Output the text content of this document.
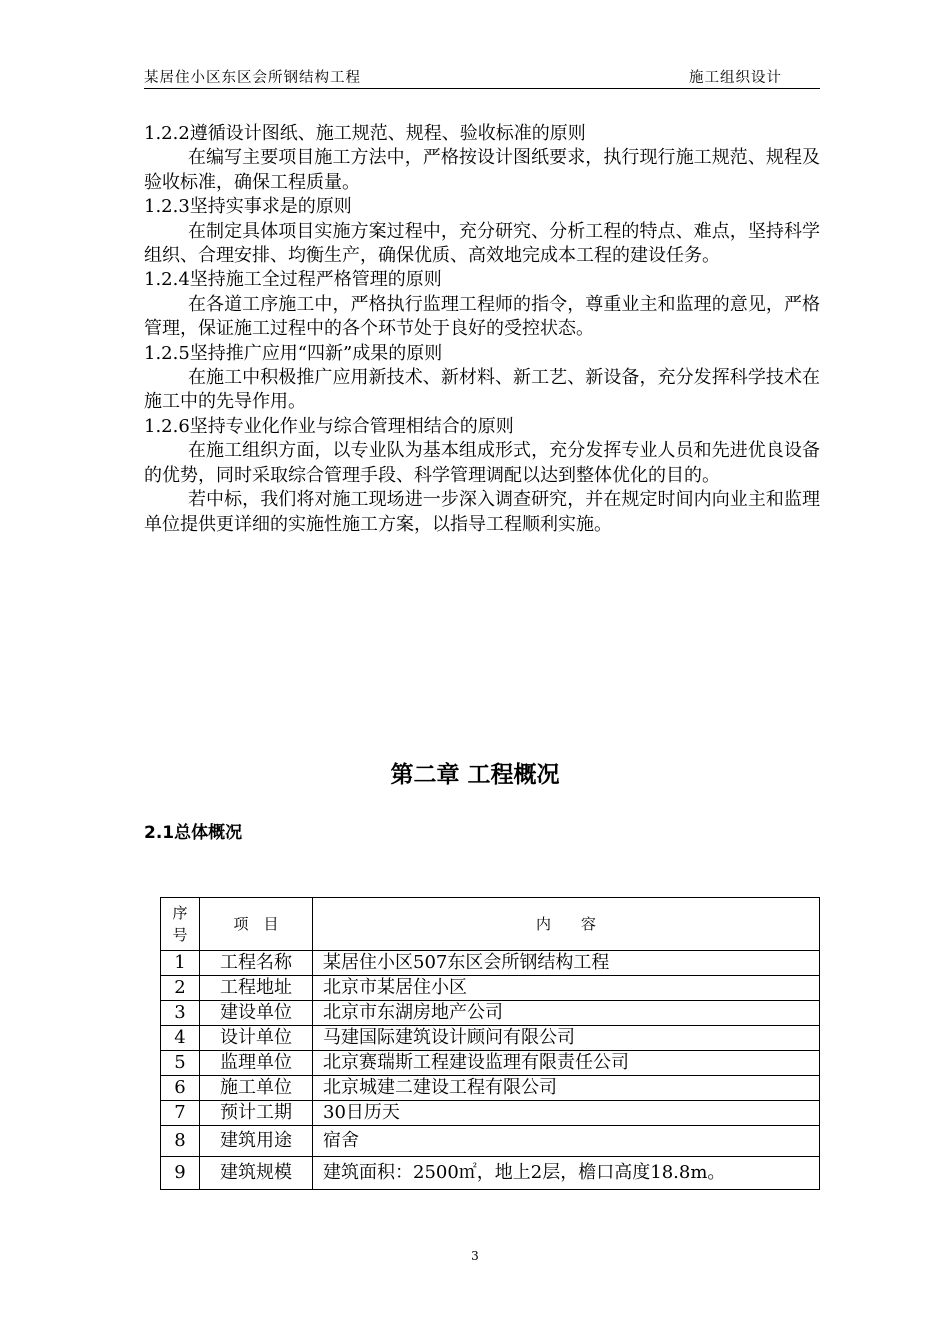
某居住小区东区会所钢结构工程	施工组织设计

1.2.2遵循设计图纸、施工规范、规程、验收标准的原则

在编写主要项目施工方法中，严格按设计图纸要求，执行现行施工规范、规程及验收标准，确保工程质量。

1.2.3坚持实事求是的原则

在制定具体项目实施方案过程中，充分研究、分析工程的特点、难点，坚持科学组织、合理安排、均衡生产，确保优质、高效地完成本工程的建设任务。

1.2.4坚持施工全过程严格管理的原则

在各道工序施工中，严格执行监理工程师的指令，尊重业主和监理的意见，严格管理，保证施工过程中的各个环节处于良好的受控状态。

1.2.5坚持推广应用“四新”成果的原则

在施工中积极推广应用新技术、新材料、新工艺、新设备，充分发挥科学技术在施工中的先导作用。

1.2.6坚持专业化作业与综合管理相结合的原则

在施工组织方面，以专业队为基本组成形式，充分发挥专业人员和先进优良设备的优势，同时采取综合管理手段、科学管理调配以达到整体优化的目的。

若中标，我们将对施工现场进一步深入调查研究，并在规定时间内向业主和监理单位提供更详细的实施性施工方案，以指导工程顺利实施。

第二章 工程概况
2.1总体概况
序
号	项　目	内　　容
1	工程名称	某居住小区507东区会所钢结构工程
2	工程地址	北京市某居住小区
3	建设单位	北京市东湖房地产公司
4	设计单位	马建国际建筑设计顾问有限公司
5	监理单位	北京赛瑞斯工程建设监理有限责任公司
6	施工单位	北京城建二建设工程有限公司
7	预计工期	30日历天
8	建筑用途	宿舍
9	建筑规模	建筑面积：2500㎡，地上2层，檐口高度18.8m。
3
